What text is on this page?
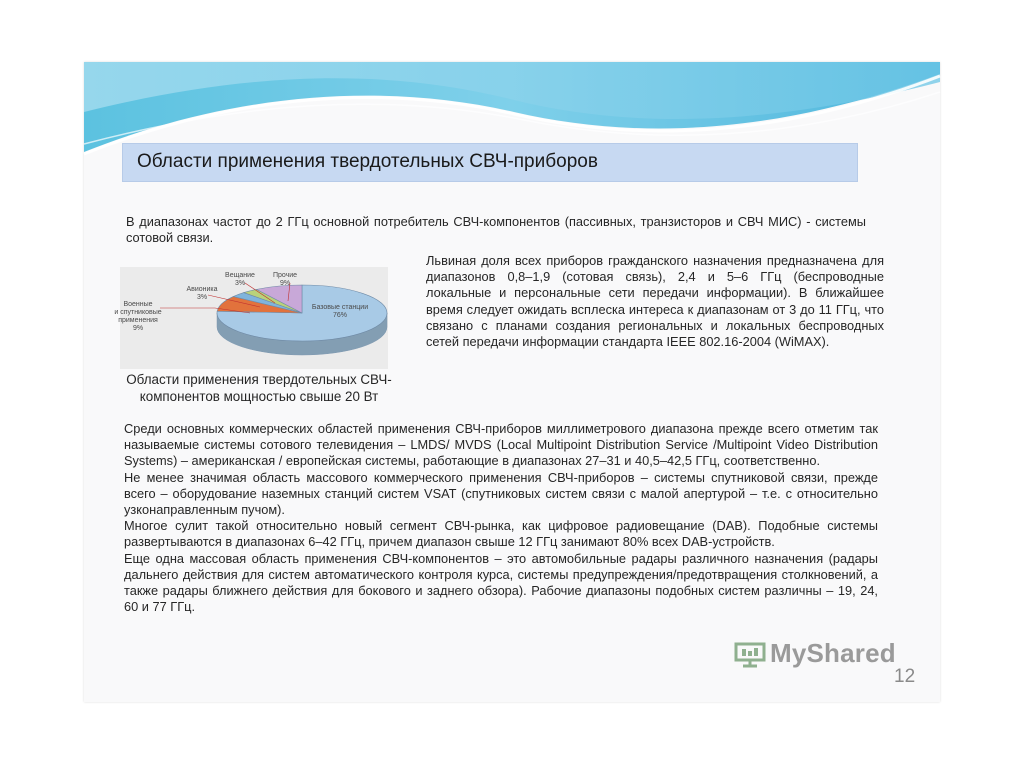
Области применения твердотельных СВЧ-приборов
В диапазонах частот до 2 ГГц основной потребитель СВЧ-компонентов (пассивных, транзисторов и СВЧ МИС) - системы сотовой связи.
Львиная доля всех приборов гражданского назначения предназначена для диапазонов 0,8–1,9 (сотовая связь), 2,4 и 5–6 ГГц (беспроводные локальные и персональные сети передачи информации). В ближайшее время следует ожидать всплеска интереса к диапазонам от 3 до 11 ГГц, что связано с планами создания региональных и локальных беспроводных сетей передачи информации стандарта IEEE 802.16-2004 (WiMAX).
Базовые станции 76%
Военные и спутниковые применения 9%
Авионика 3%
Вещание 3%
Прочие 9%
Области применения твердотельных СВЧ-компонентов мощностью свыше 20 Вт

Среди основных коммерческих областей применения СВЧ-приборов миллиметрового диапазона прежде всего отметим так называемые системы сотового телевидения – LMDS/ MVDS (Local Multipoint Distribution Service /Multipoint Video Distribution Systems) – американская / европейская системы, работающие в диапазонах 27–31 и 40,5–42,5 ГГц, соответственно.

Не менее значимая область массового коммерческого применения СВЧ-приборов – системы спутниковой связи, прежде всего – оборудование наземных станций систем VSAT (спутниковых систем связи с малой апертурой – т.е. с относительно узконаправленным пучом).

Многое сулит такой относительно новый сегмент СВЧ-рынка, как цифровое радиовещание (DAB). Подобные системы развертываются в диапазонах 6–42 ГГц, причем диапазон свыше 12 ГГц занимают 80% всех DAB-устройств.

Еще одна массовая область применения СВЧ-компонентов – это автомобильные радары различного назначения (радары дальнего действия для систем автоматического контроля курса, системы предупреждения/предотвращения столкновений, а также радары ближнего действия для бокового и заднего обзора). Рабочие диапазоны подобных систем различны – 19, 24, 60 и 77 ГГц.

MyShared
12
